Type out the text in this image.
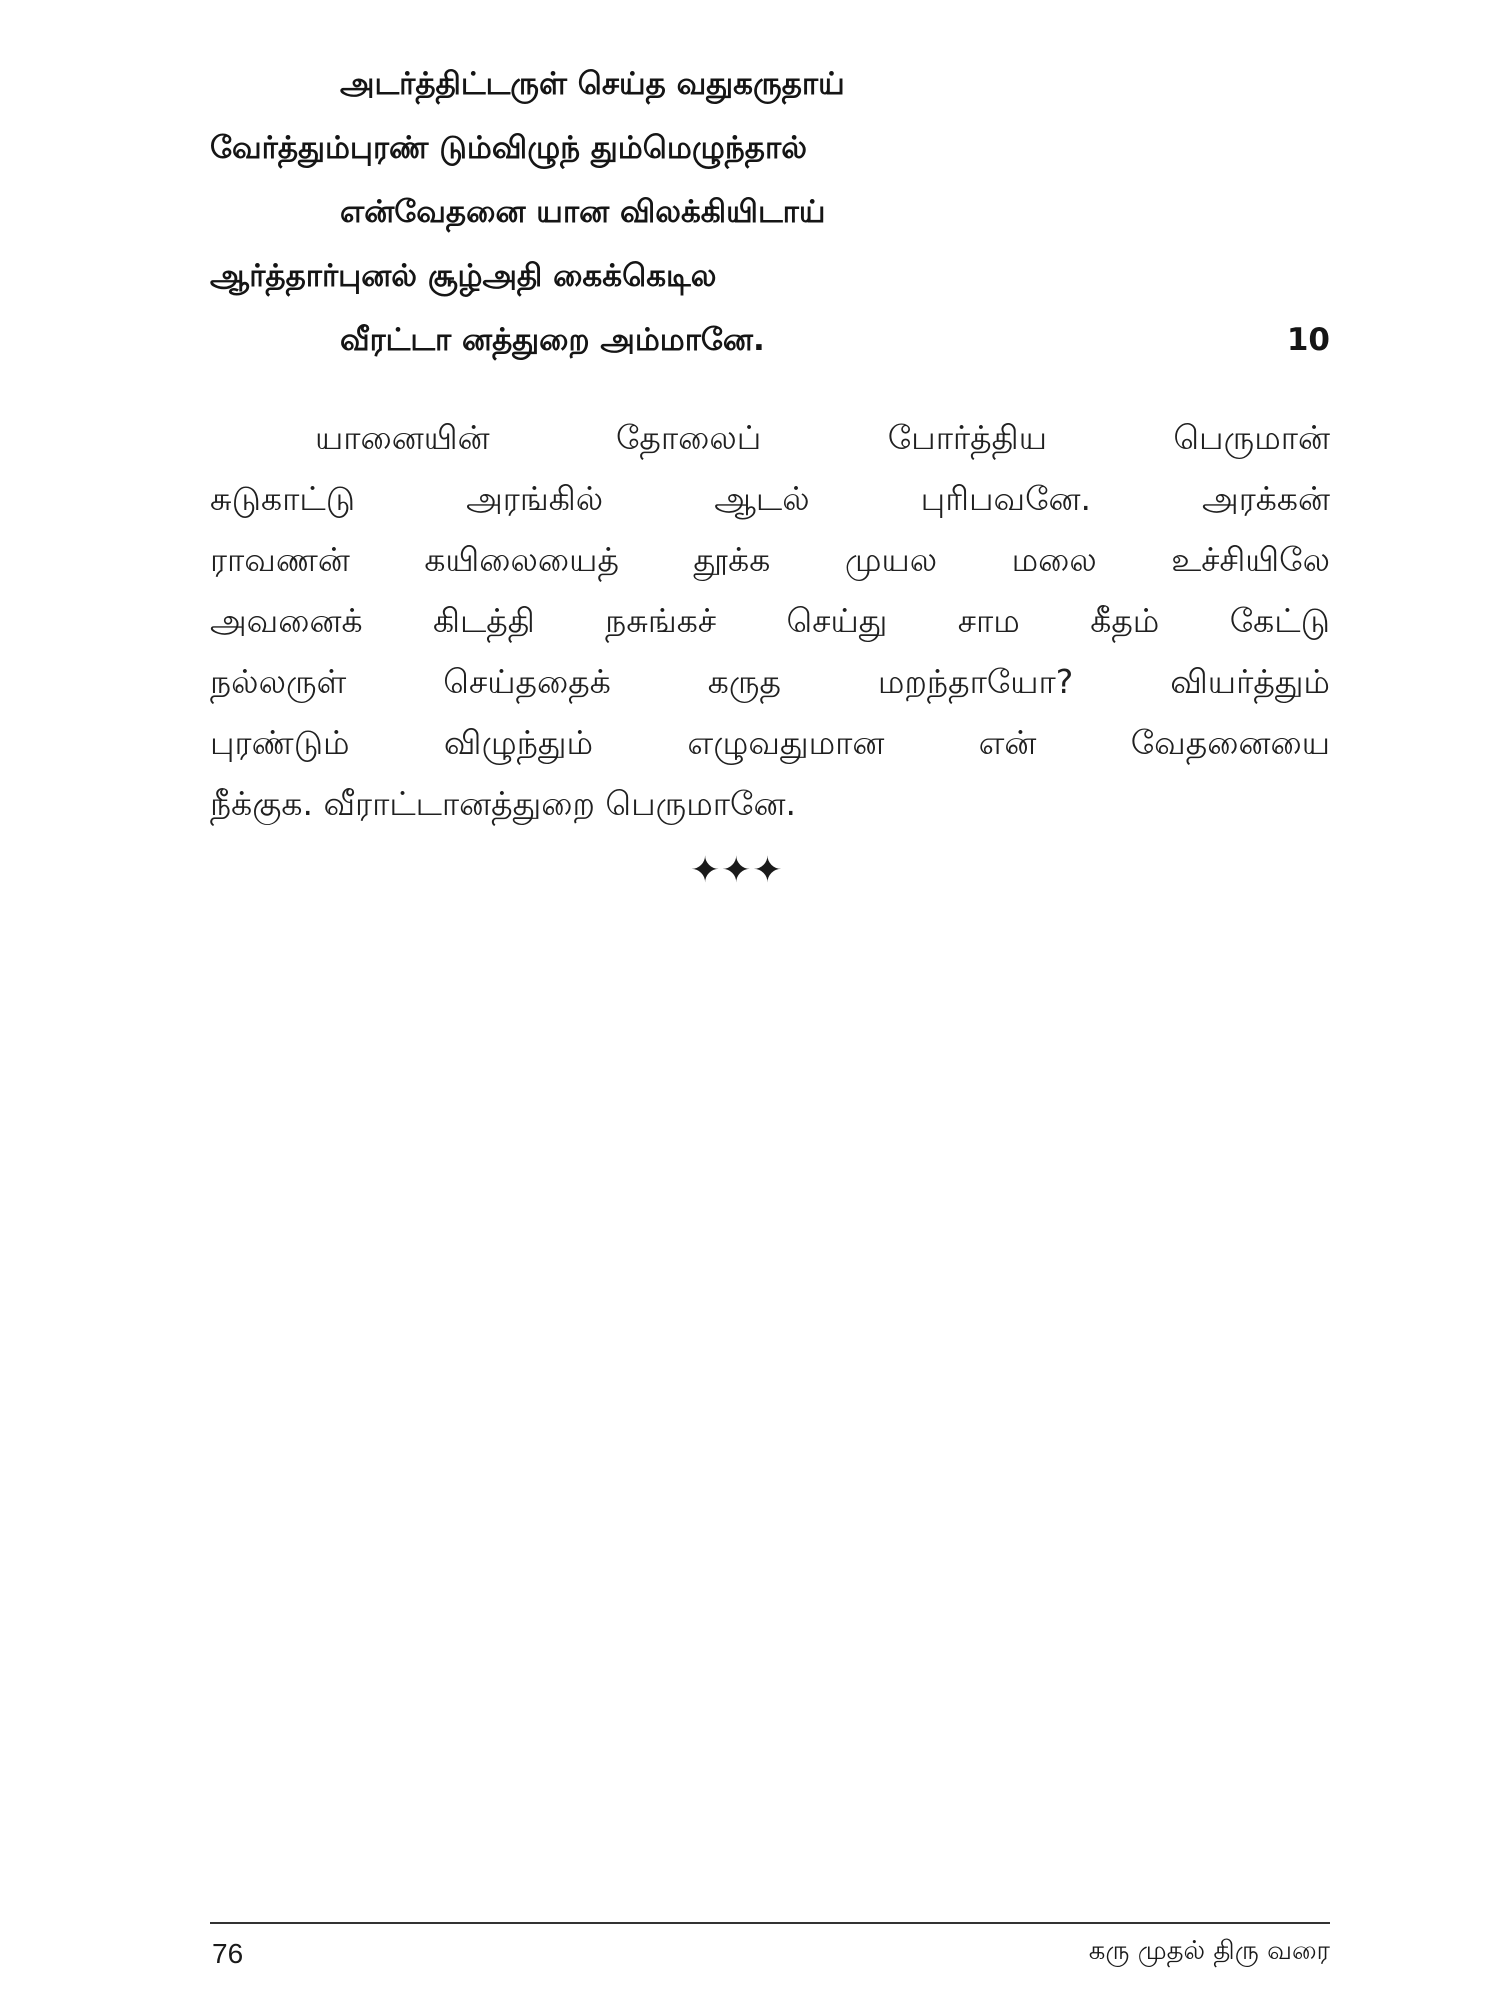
அடர்த்திட்டருள் செய்த வதுகருதாய்
வேர்த்தும்புரண் டும்விழுந் தும்மெழுந்தால்
என்வேதனை யான விலக்கியிடாய்
ஆர்த்தார்புனல் சூழ்அதி கைக்கெடில
வீரட்டா னத்துறை அம்மானே.	10
யானையின் தோலைப் போர்த்திய பெருமான்
சுடுகாட்டு அரங்கில் ஆடல் புரிபவனே. அரக்கன்
ராவணன் கயிலையைத் தூக்க முயல மலை உச்சியிலே
அவனைக் கிடத்தி நசுங்கச் செய்து சாம கீதம் கேட்டு
நல்லருள் செய்ததைக் கருத மறந்தாயோ? வியர்த்தும்
புரண்டும் விழுந்தும் எழுவதுமான என் வேதனையை
நீக்குக. வீராட்டானத்துறை பெருமானே.
✦✦✦
76	கரு முதல் திரு வரை
